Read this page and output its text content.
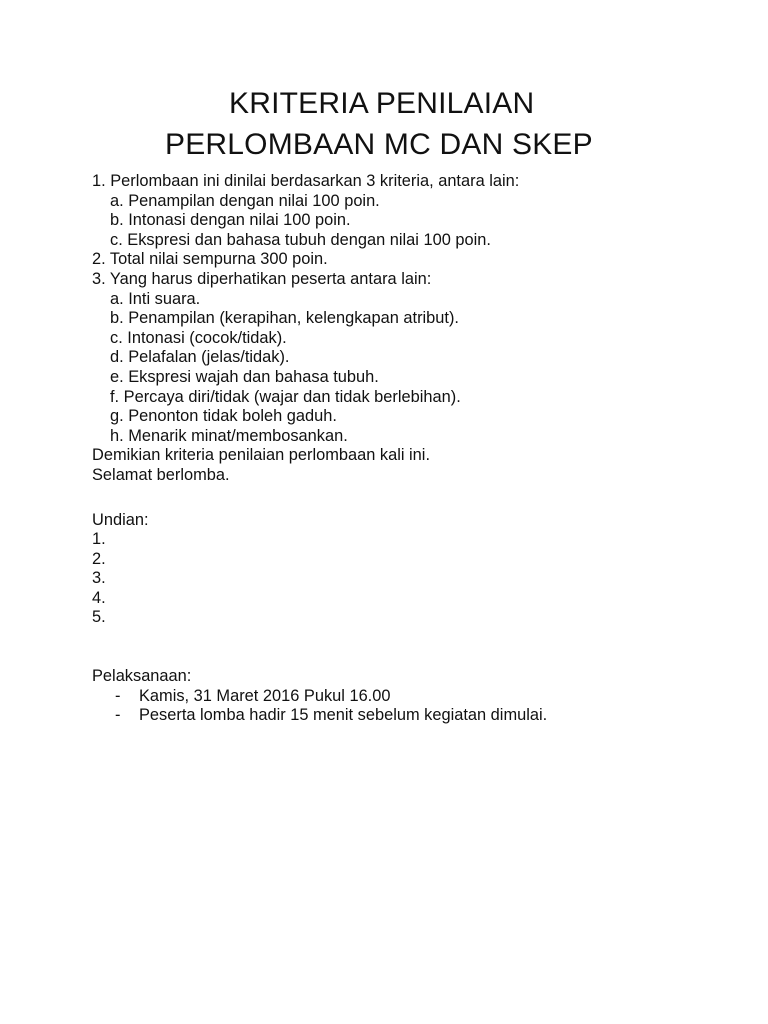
KRITERIA PENILAIAN
PERLOMBAAN MC DAN SKEP
1. Perlombaan ini dinilai berdasarkan 3 kriteria, antara lain:
a. Penampilan dengan nilai 100 poin.
b. Intonasi dengan nilai 100 poin.
c. Ekspresi dan bahasa tubuh dengan nilai 100 poin.
2. Total nilai sempurna 300 poin.
3. Yang harus diperhatikan peserta antara lain:
a. Inti suara.
b. Penampilan (kerapihan, kelengkapan atribut).
c. Intonasi (cocok/tidak).
d. Pelafalan (jelas/tidak).
e. Ekspresi wajah dan bahasa tubuh.
f. Percaya diri/tidak (wajar dan tidak berlebihan).
g. Penonton tidak boleh gaduh.
h. Menarik minat/membosankan.
Demikian kriteria penilaian perlombaan kali ini.
Selamat berlomba.
Undian:
1.
2.
3.
4.
5.
Pelaksanaan:
- Kamis, 31 Maret 2016 Pukul 16.00
- Peserta lomba hadir 15 menit sebelum kegiatan dimulai.
